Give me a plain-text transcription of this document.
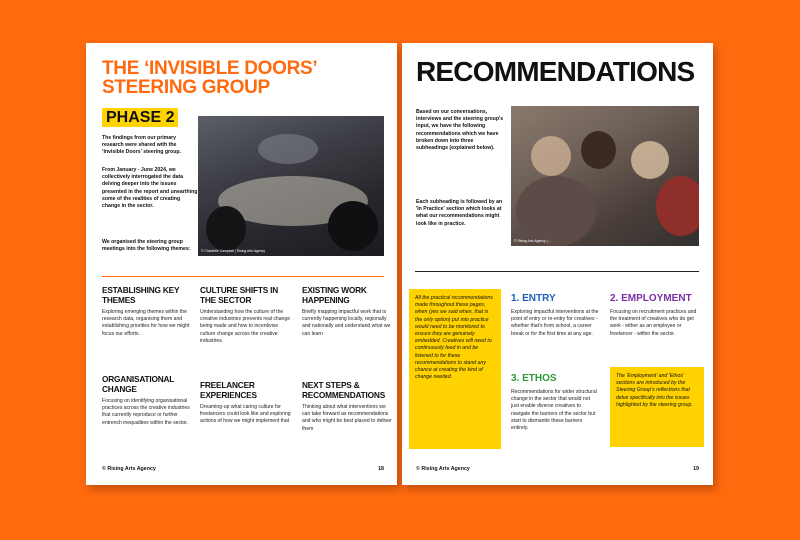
THE ‘INVISIBLE DOORS’ STEERING GROUP
PHASE 2
The findings from our primary research were shared with the ‘Invisible Doors’ steering group.
From January - June 2024, we collectively interrogated the data delving deeper into the issues presented in the report and unearthing some of the realities of creating change in the sector.
We organised the steering group meetings into the following themes:	© Chantelle Campbell | Rising Arts Agency
ESTABLISHING KEY THEMES
Exploring emerging themes within the research data, organising them and establishing priorities for how we might focus our efforts.
CULTURE SHIFTS IN THE SECTOR
Understanding how the culture of the creative industries prevents real change being made and how to incentivise culture change across the creative industries.
EXISTING WORK HAPPENING
Briefly mapping impactful work that is currently happening locally, regionally and nationally and understand what we can learn
ORGANISATIONAL CHANGE
Focusing on identifying organisational practices across the creative industries that currently reproduce or further entrench inequalities within the sector.
FREELANCER EXPERIENCES
Dreaming-up what caring culture for freelancers could look like and exploring actions of how we might implement that
NEXT STEPS & RECOMMENDATIONS
Thinking about what interventions we can take forward as recommendations and who might be best placed to deliver them
© Rising Arts Agency	18
RECOMMENDATIONS
Based on our conversations, interviews and the steering group's input, we have the following recommendations which we have broken down into three subheadings (explained below).
Each subheading is followed by an 'In Practice' section which looks at what our recommendations might look like in practice.
© Rising Arts Agency | ...
All the practical recommendations made throughout these pages, when (yes we said when, that is the only option) put into practice would need to be monitored to ensure they are genuinely embedded. Creatives will need to continuously feed in and be listened to for these recommendations to stand any chance at creating the kind of change needed.
1. ENTRY
Exploring impactful interventions at the point of entry or re-entry for creatives - whether that's from school, a career break or for the first time at any age.
2. EMPLOYMENT
Focusing on recruitment practices and the treatment of creatives who do get work - either as an employee or freelancer - within the sector.
3. ETHOS
Recommendations for wider structural change in the sector that would not just enable diverse creatives to navigate the barriers of the sector but start to dismantle these barriers entirely.
The 'Employment' and 'Ethos' sections are introduced by the Steering Group's reflections that delve specifically into the issues highlighted by the steering group.
© Rising Arts Agency	19
